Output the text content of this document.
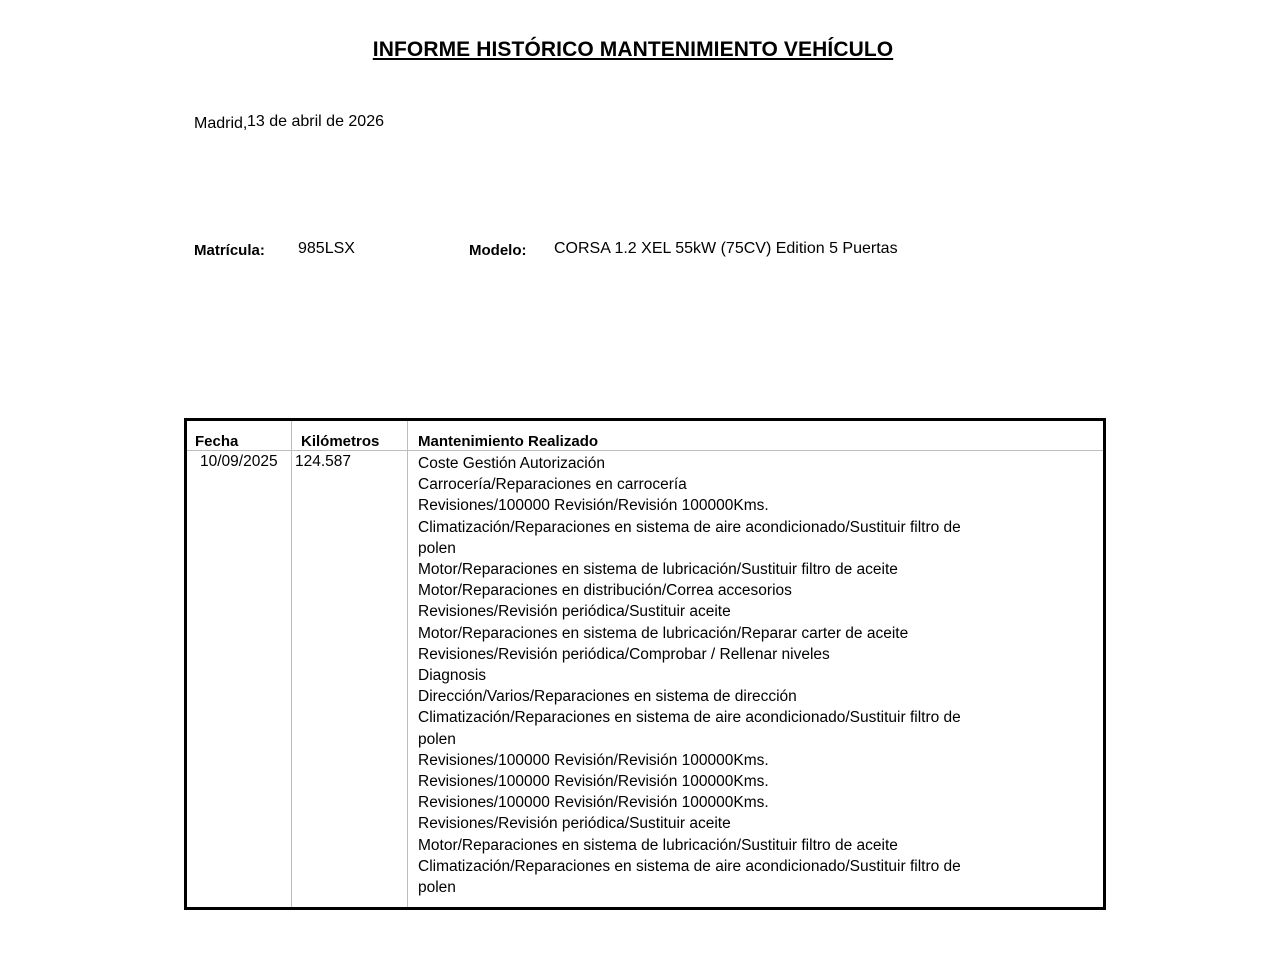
INFORME HISTÓRICO MANTENIMIENTO VEHÍCULO
Madrid, 13 de abril de 2026
Matrícula: 985LSX	Modelo: CORSA 1.2 XEL 55kW (75CV) Edition 5 Puertas
Fecha	Kilómetros	Mantenimiento Realizado
10/09/2025 124.587	Coste Gestión Autorización
Carrocería/Reparaciones en carrocería
Revisiones/100000 Revisión/Revisión 100000Kms.
Climatización/Reparaciones en sistema de aire acondicionado/Sustituir filtro de polen
Motor/Reparaciones en sistema de lubricación/Sustituir filtro de aceite
Motor/Reparaciones en distribución/Correa accesorios
Revisiones/Revisión periódica/Sustituir aceite
Motor/Reparaciones en sistema de lubricación/Reparar carter de aceite
Revisiones/Revisión periódica/Comprobar / Rellenar niveles
Diagnosis
Dirección/Varios/Reparaciones en sistema de dirección
Climatización/Reparaciones en sistema de aire acondicionado/Sustituir filtro de polen
Revisiones/100000 Revisión/Revisión 100000Kms.
Revisiones/100000 Revisión/Revisión 100000Kms.
Revisiones/100000 Revisión/Revisión 100000Kms.
Revisiones/Revisión periódica/Sustituir aceite
Motor/Reparaciones en sistema de lubricación/Sustituir filtro de aceite
Climatización/Reparaciones en sistema de aire acondicionado/Sustituir filtro de polen
